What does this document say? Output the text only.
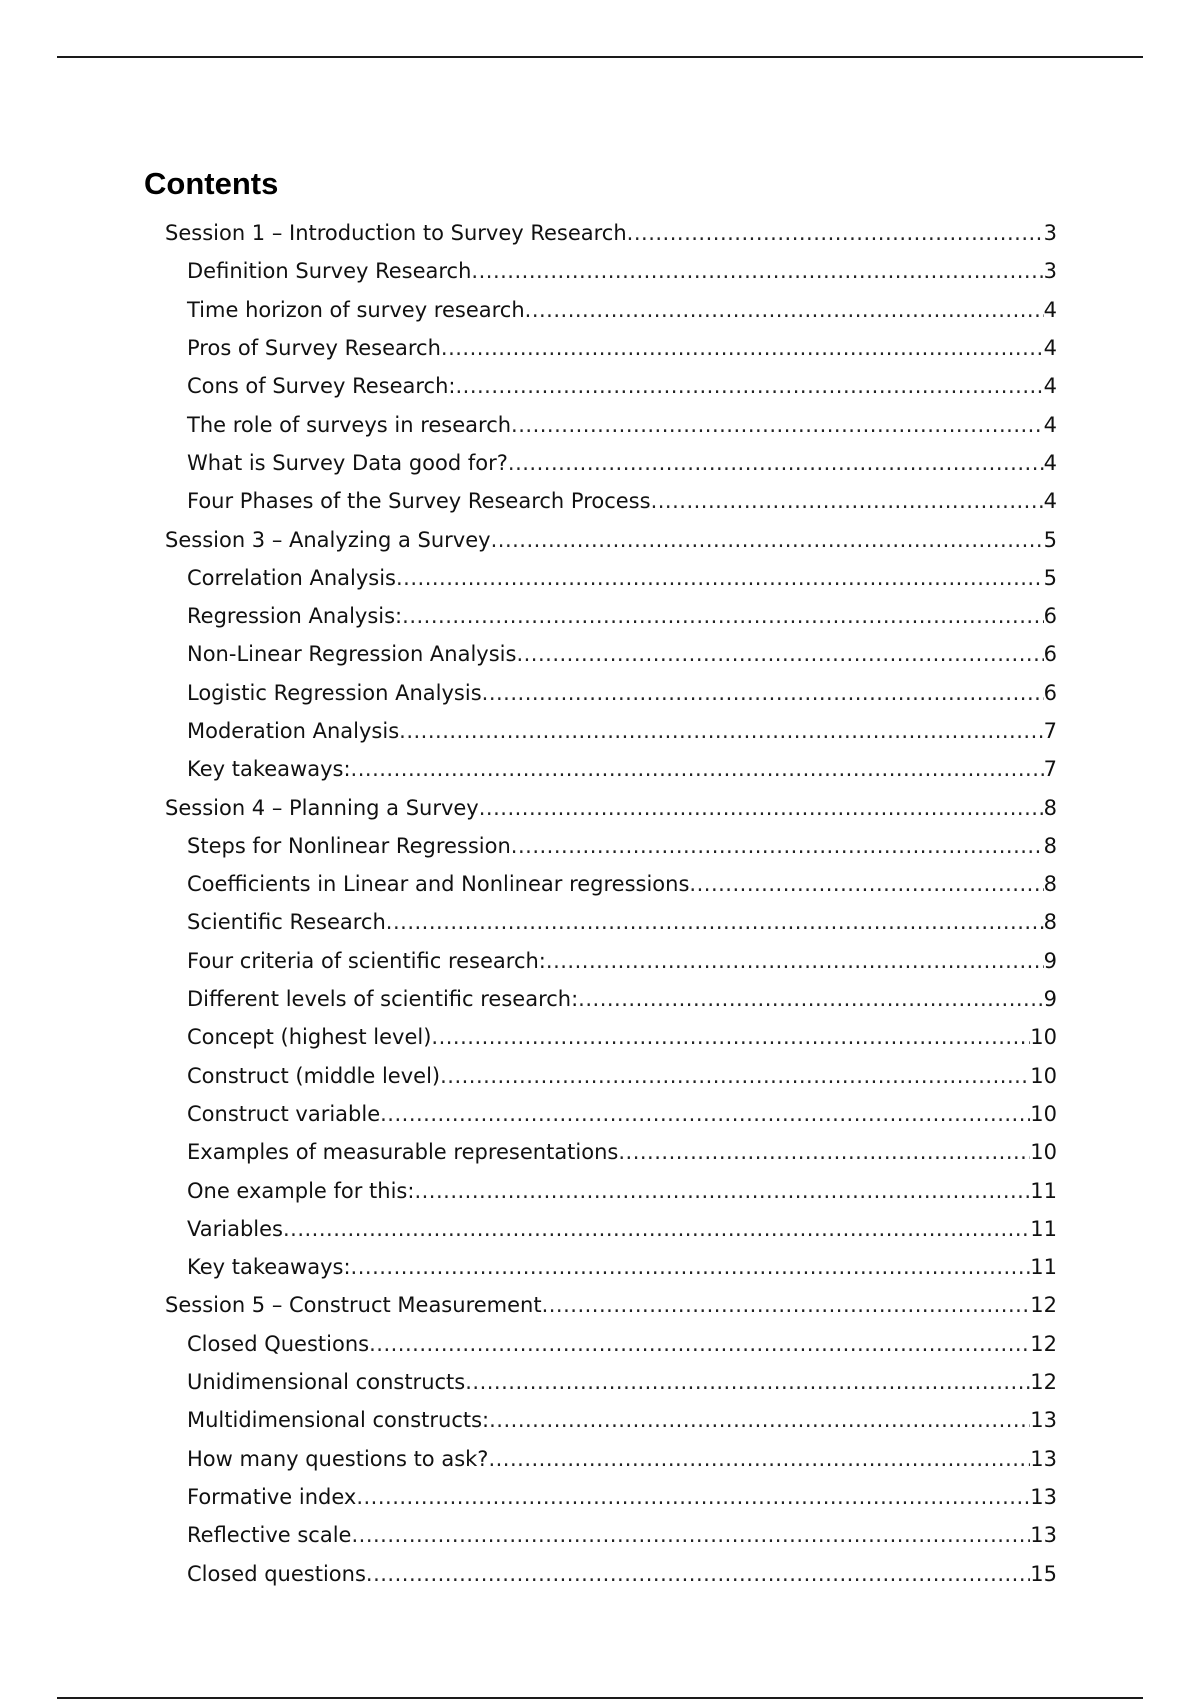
Contents
Session 1 – Introduction to Survey Research .....	3
Definition Survey Research .....	3
Time horizon of survey research .....	4
Pros of Survey Research .....	4
Cons of Survey Research: .....	4
The role of surveys in research .....	4
What is Survey Data good for? .....	4
Four Phases of the Survey Research Process .....	4
Session 3 – Analyzing a Survey .....	5
Correlation Analysis .....	5
Regression Analysis: .....	6
Non-Linear Regression Analysis .....	6
Logistic Regression Analysis .....	6
Moderation Analysis .....	7
Key takeaways: .....	7
Session 4 – Planning a Survey .....	8
Steps for Nonlinear Regression .....	8
Coefficients in Linear and Nonlinear regressions .....	8
Scientific Research .....	8
Four criteria of scientific research: .....	9
Different levels of scientific research: .....	9
Concept (highest level) .....	10
Construct (middle level) .....	10
Construct variable .....	10
Examples of measurable representations .....	10
One example for this: .....	11
Variables .....	11
Key takeaways: .....	11
Session 5 – Construct Measurement .....	12
Closed Questions .....	12
Unidimensional constructs .....	12
Multidimensional constructs: .....	13
How many questions to ask? .....	13
Formative index .....	13
Reflective scale .....	13
Closed questions .....	15
